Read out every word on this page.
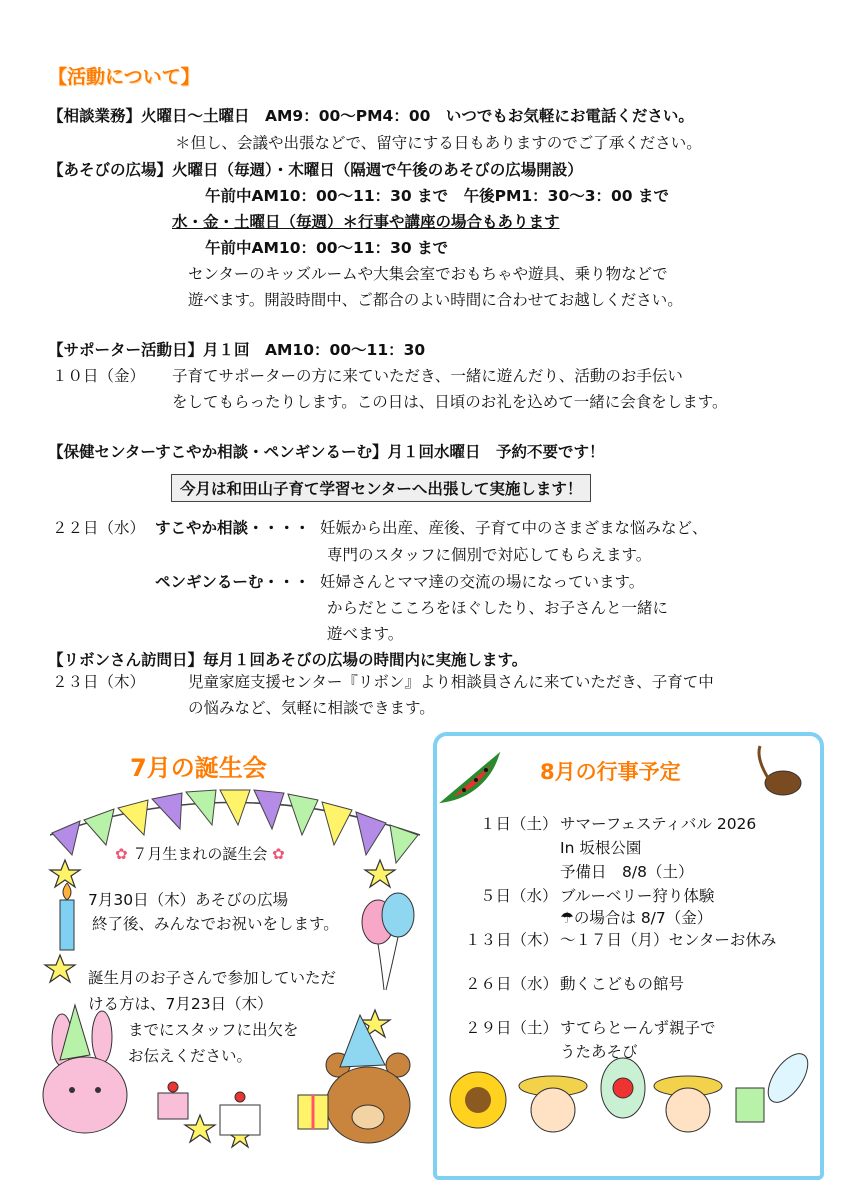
【活動について】
【相談業務】火曜日～土曜日　AM9：00～PM4：00　いつでもお気軽にお電話ください。
＊但し、会議や出張などで、留守にする日もありますのでご了承ください。
【あそびの広場】火曜日（毎週）・木曜日（隔週で午後のあそびの広場開設）
午前中AM10：00～11：30 まで　午後PM1：30～3：00 まで
水・金・土曜日（毎週）＊行事や講座の場合もあります
午前中AM10：00～11：30 まで
センターのキッズルームや大集会室でおもちゃや遊具、乗り物などで
遊べます。開設時間中、ご都合のよい時間に合わせてお越しください。
【サポーター活動日】月１回　AM10：00～11：30
１０日（金） 子育てサポーターの方に来ていただき、一緒に遊んだり、活動のお手伝い
をしてもらったりします。この日は、日頃のお礼を込めて一緒に会食をします。
【保健センターすこやか相談・ペンギンるーむ】月１回水曜日　予約不要です！
今月は和田山子育て学習センターへ出張して実施します！
２２日（水） すこやか相談・・・・ 妊娠から出産、産後、子育て中のさまざまな悩みなど、
専門のスタッフに個別で対応してもらえます。
ペンギンるーむ・・・ 妊婦さんとママ達の交流の場になっています。
からだとこころをほぐしたり、お子さんと一緒に
遊べます。
【リボンさん訪問日】毎月１回あそびの広場の時間内に実施します。
２３日（木）	児童家庭支援センター『リボン』より相談員さんに来ていただき、子育て中
の悩みなど、気軽に相談できます。
7月の誕生会
✿ ７月生まれの誕生会 ✿
7月30日（木）あそびの広場
終了後、みんなでお祝いをします。
誕生月のお子さんで参加していただ
ける方は、7月23日（木）
までにスタッフに出欠を
お伝えください。
8月の行事予定
１日（土） サマーフェスティバル 2026
In 坂根公園
予備日　8/8（土）
５日（水） ブルーベリー狩り体験
☂の場合は 8/7（金）
１３日（木） ～１７日（月）センターお休み
２６日（水） 動くこどもの館号
２９日（土） すてらとーんず親子で
うたあそび
